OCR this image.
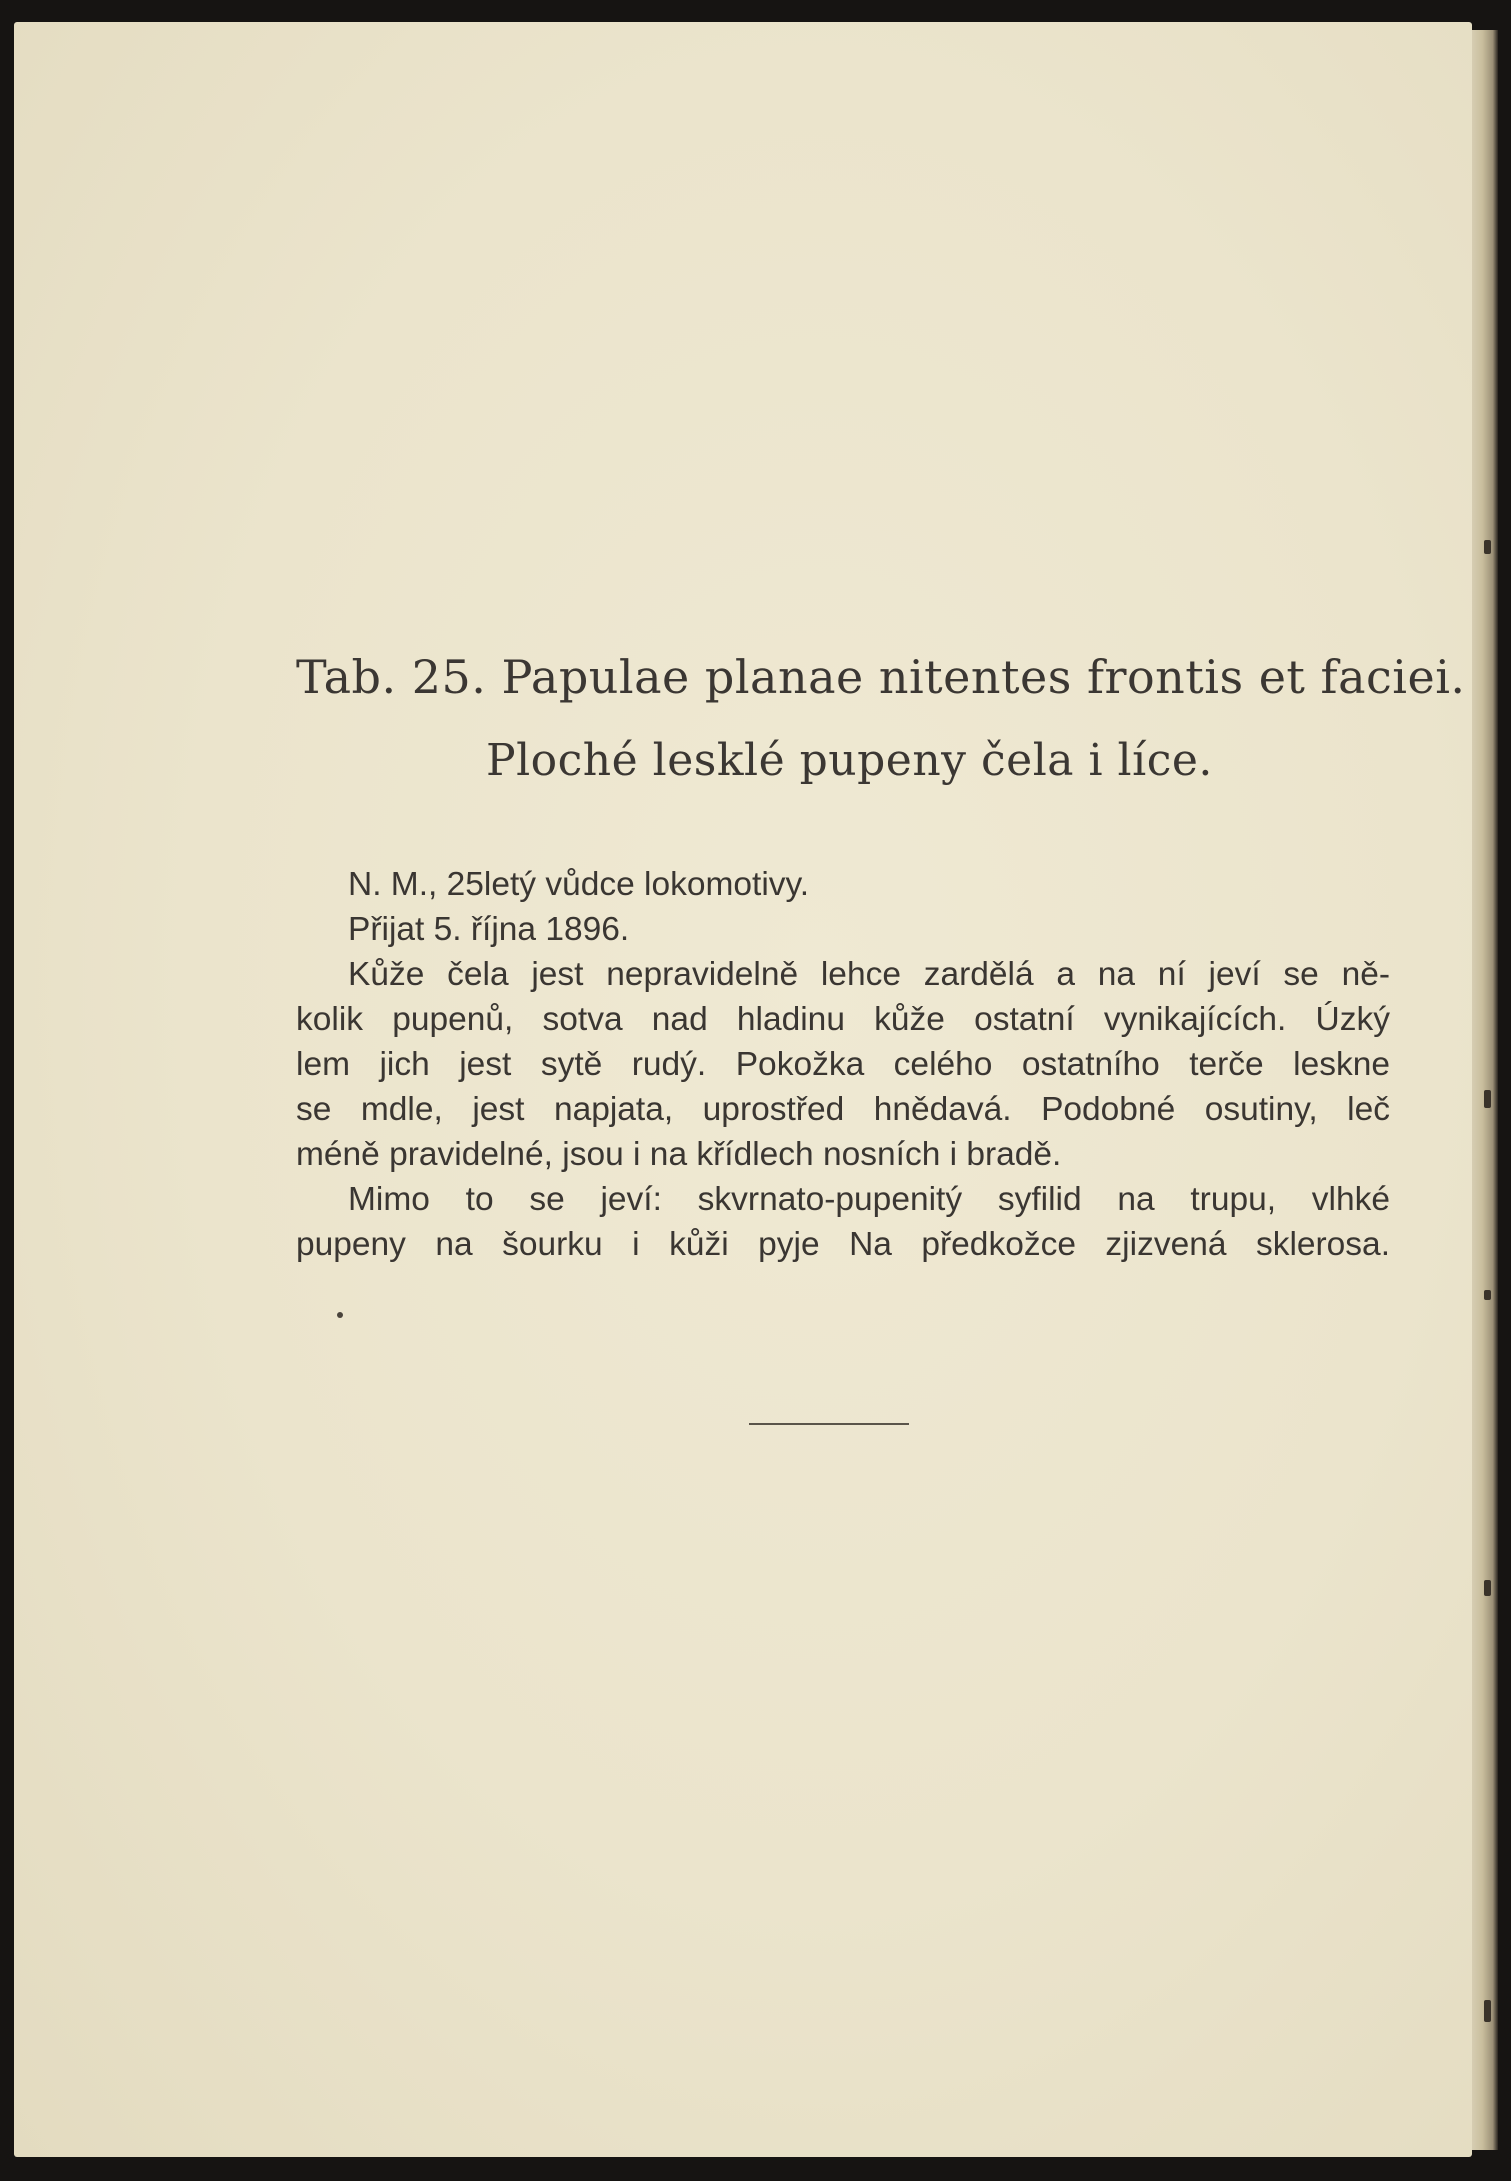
Tab. 25. Papulae planae nitentes frontis et faciei.
Ploché lesklé pupeny čela i líce.
N. M., 25letý vůdce lokomotivy.
Přijat 5. října 1896.
Kůže čela jest nepravidelně lehce zardělá a na ní jeví se ně-
kolik pupenů, sotva nad hladinu kůže ostatní vynikajících. Úzký
lem jich jest sytě rudý. Pokožka celého ostatního terče leskne
se mdle, jest napjata, uprostřed hnědavá. Podobné osutiny, leč
méně pravidelné, jsou i na křídlech nosních i bradě.
Mimo to se jeví: skvrnato-pupenitý syfilid na trupu, vlhké
pupeny na šourku i kůži pyje Na předkožce zjizvená sklerosa.
